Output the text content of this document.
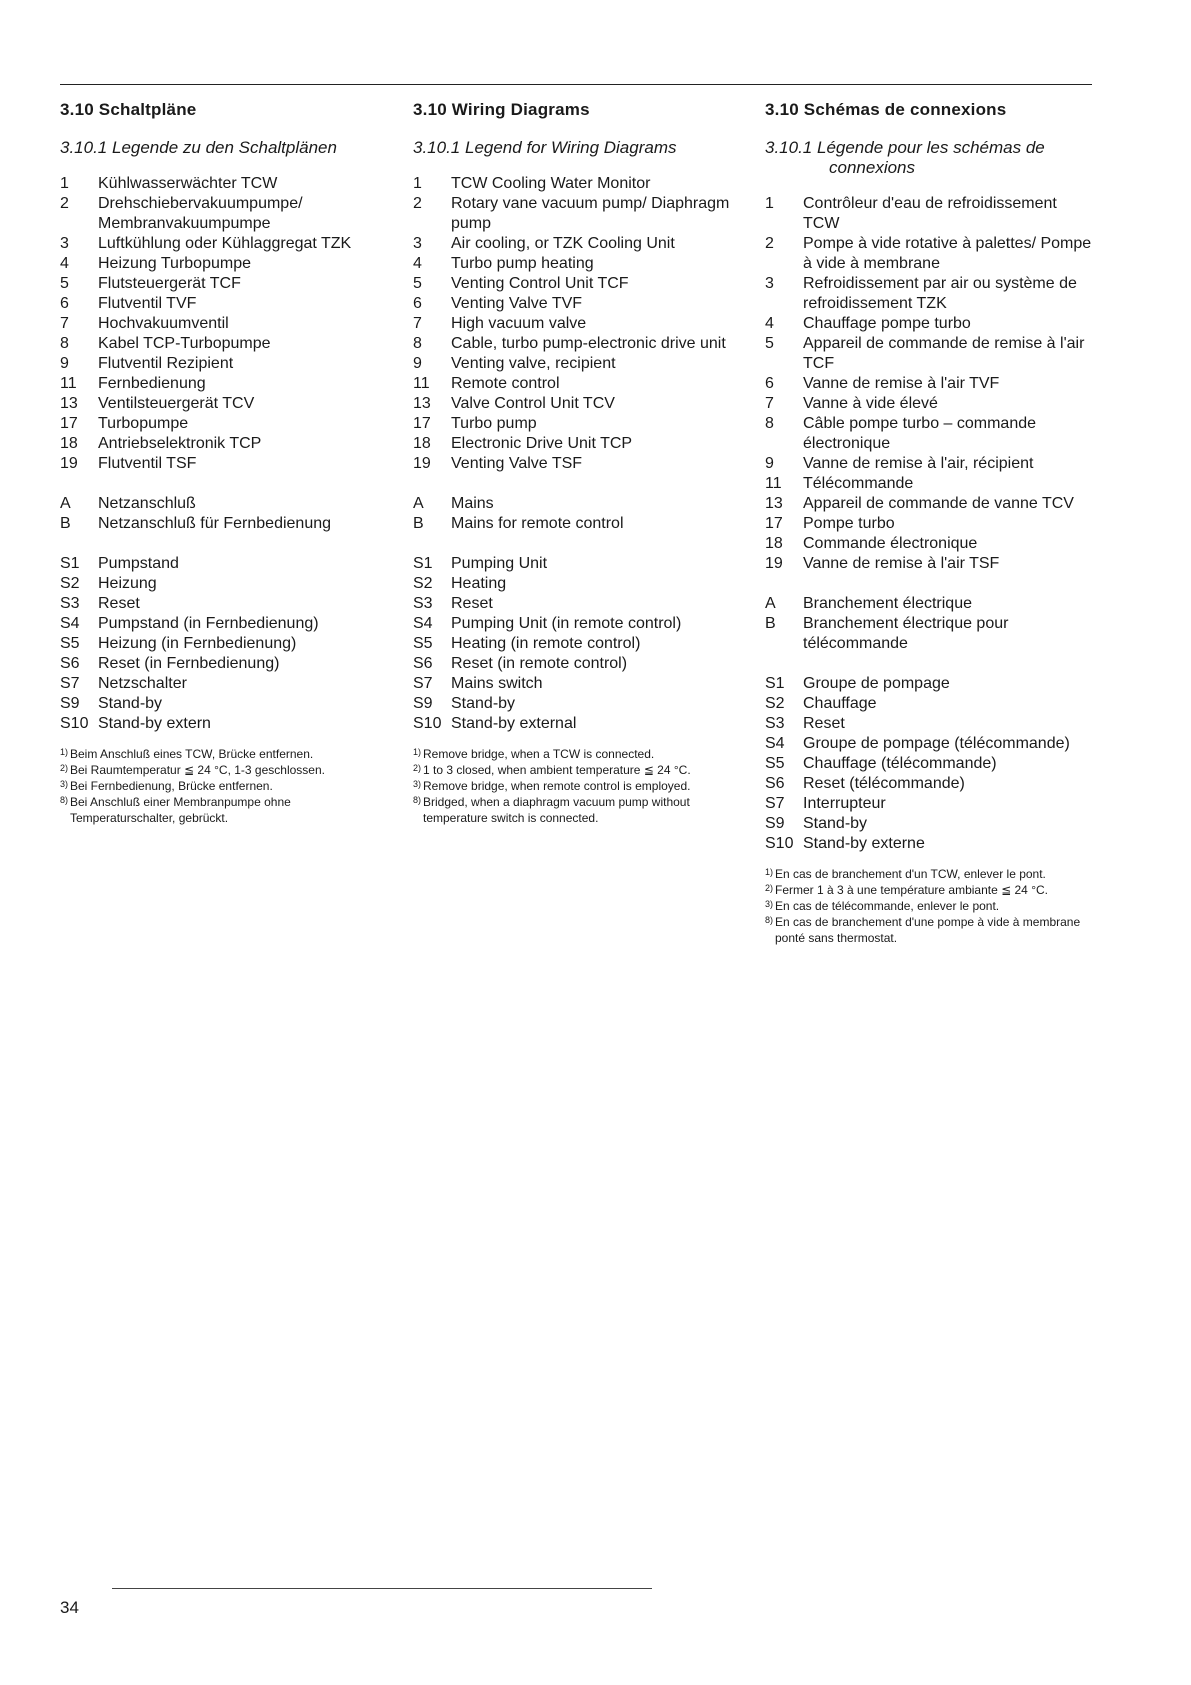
3.10 Schaltpläne
3.10.1 Legende zu den Schaltplänen
1	Kühlwasserwächter TCW
2	Drehschiebervakuumpumpe/ Membranvakuumpumpe
3	Luftkühlung oder Kühlaggregat TZK
4	Heizung Turbopumpe
5	Flutsteuergerät TCF
6	Flutventil TVF
7	Hochvakuumventil
8	Kabel TCP-Turbopumpe
9	Flutventil Rezipient
11	Fernbedienung
13	Ventilsteuergerät TCV
17	Turbopumpe
18	Antriebselektronik TCP
19	Flutventil TSF
A	Netzanschluß
B	Netzanschluß für Fernbedienung
S1	Pumpstand
S2	Heizung
S3	Reset
S4	Pumpstand (in Fernbedienung)
S5	Heizung (in Fernbedienung)
S6	Reset (in Fernbedienung)
S7	Netzschalter
S9	Stand-by
S10 Stand-by extern
1) Beim Anschluß eines TCW, Brücke entfernen.
2) Bei Raumtemperatur ≦ 24 °C, 1-3 geschlossen.
3) Bei Fernbedienung, Brücke entfernen.
8) Bei Anschluß einer Membranpumpe ohne Temperaturschalter, gebrückt.
3.10 Wiring Diagrams
3.10.1 Legend for Wiring Diagrams
1	TCW Cooling Water Monitor
2	Rotary vane vacuum pump/ Diaphragm pump
3	Air cooling, or TZK Cooling Unit
4	Turbo pump heating
5	Venting Control Unit TCF
6	Venting Valve TVF
7	High vacuum valve
8	Cable, turbo pump-electronic drive unit
9	Venting valve, recipient
11	Remote control
13	Valve Control Unit TCV
17	Turbo pump
18	Electronic Drive Unit TCP
19	Venting Valve TSF
A	Mains
B	Mains for remote control
S1	Pumping Unit
S2	Heating
S3	Reset
S4	Pumping Unit (in remote control)
S5	Heating (in remote control)
S6	Reset (in remote control)
S7	Mains switch
S9	Stand-by
S10 Stand-by external
1) Remove bridge, when a TCW is connected.
2) 1 to 3 closed, when ambient temperature ≦ 24 °C.
3) Remove bridge, when remote control is employed.
8) Bridged, when a diaphragm vacuum pump without temperature switch is connected.
3.10 Schémas de connexions
3.10.1 Légende pour les schémas de
connexions
1	Contrôleur d'eau de refroidissement TCW
2	Pompe à vide rotative à palettes/ Pompe à vide à membrane
3	Refroidissement par air ou système de refroidissement TZK
4	Chauffage pompe turbo
5	Appareil de commande de remise à l'air TCF
6	Vanne de remise à l'air TVF
7	Vanne à vide élevé
8	Câble pompe turbo – commande électronique
9	Vanne de remise à l'air, récipient
11	Télécommande
13	Appareil de commande de vanne TCV
17	Pompe turbo
18	Commande électronique
19	Vanne de remise à l'air TSF
A	Branchement électrique
B	Branchement électrique pour télécommande
S1	Groupe de pompage
S2	Chauffage
S3	Reset
S4	Groupe de pompage (télécommande)
S5	Chauffage (télécommande)
S6	Reset (télécommande)
S7	Interrupteur
S9	Stand-by
S10 Stand-by externe
1) En cas de branchement d'un TCW, enlever le pont.
2) Fermer 1 à 3 à une température ambiante ≦ 24 °C.
3) En cas de télécommande, enlever le pont.
8) En cas de branchement d'une pompe à vide à membrane ponté sans thermostat.
34
